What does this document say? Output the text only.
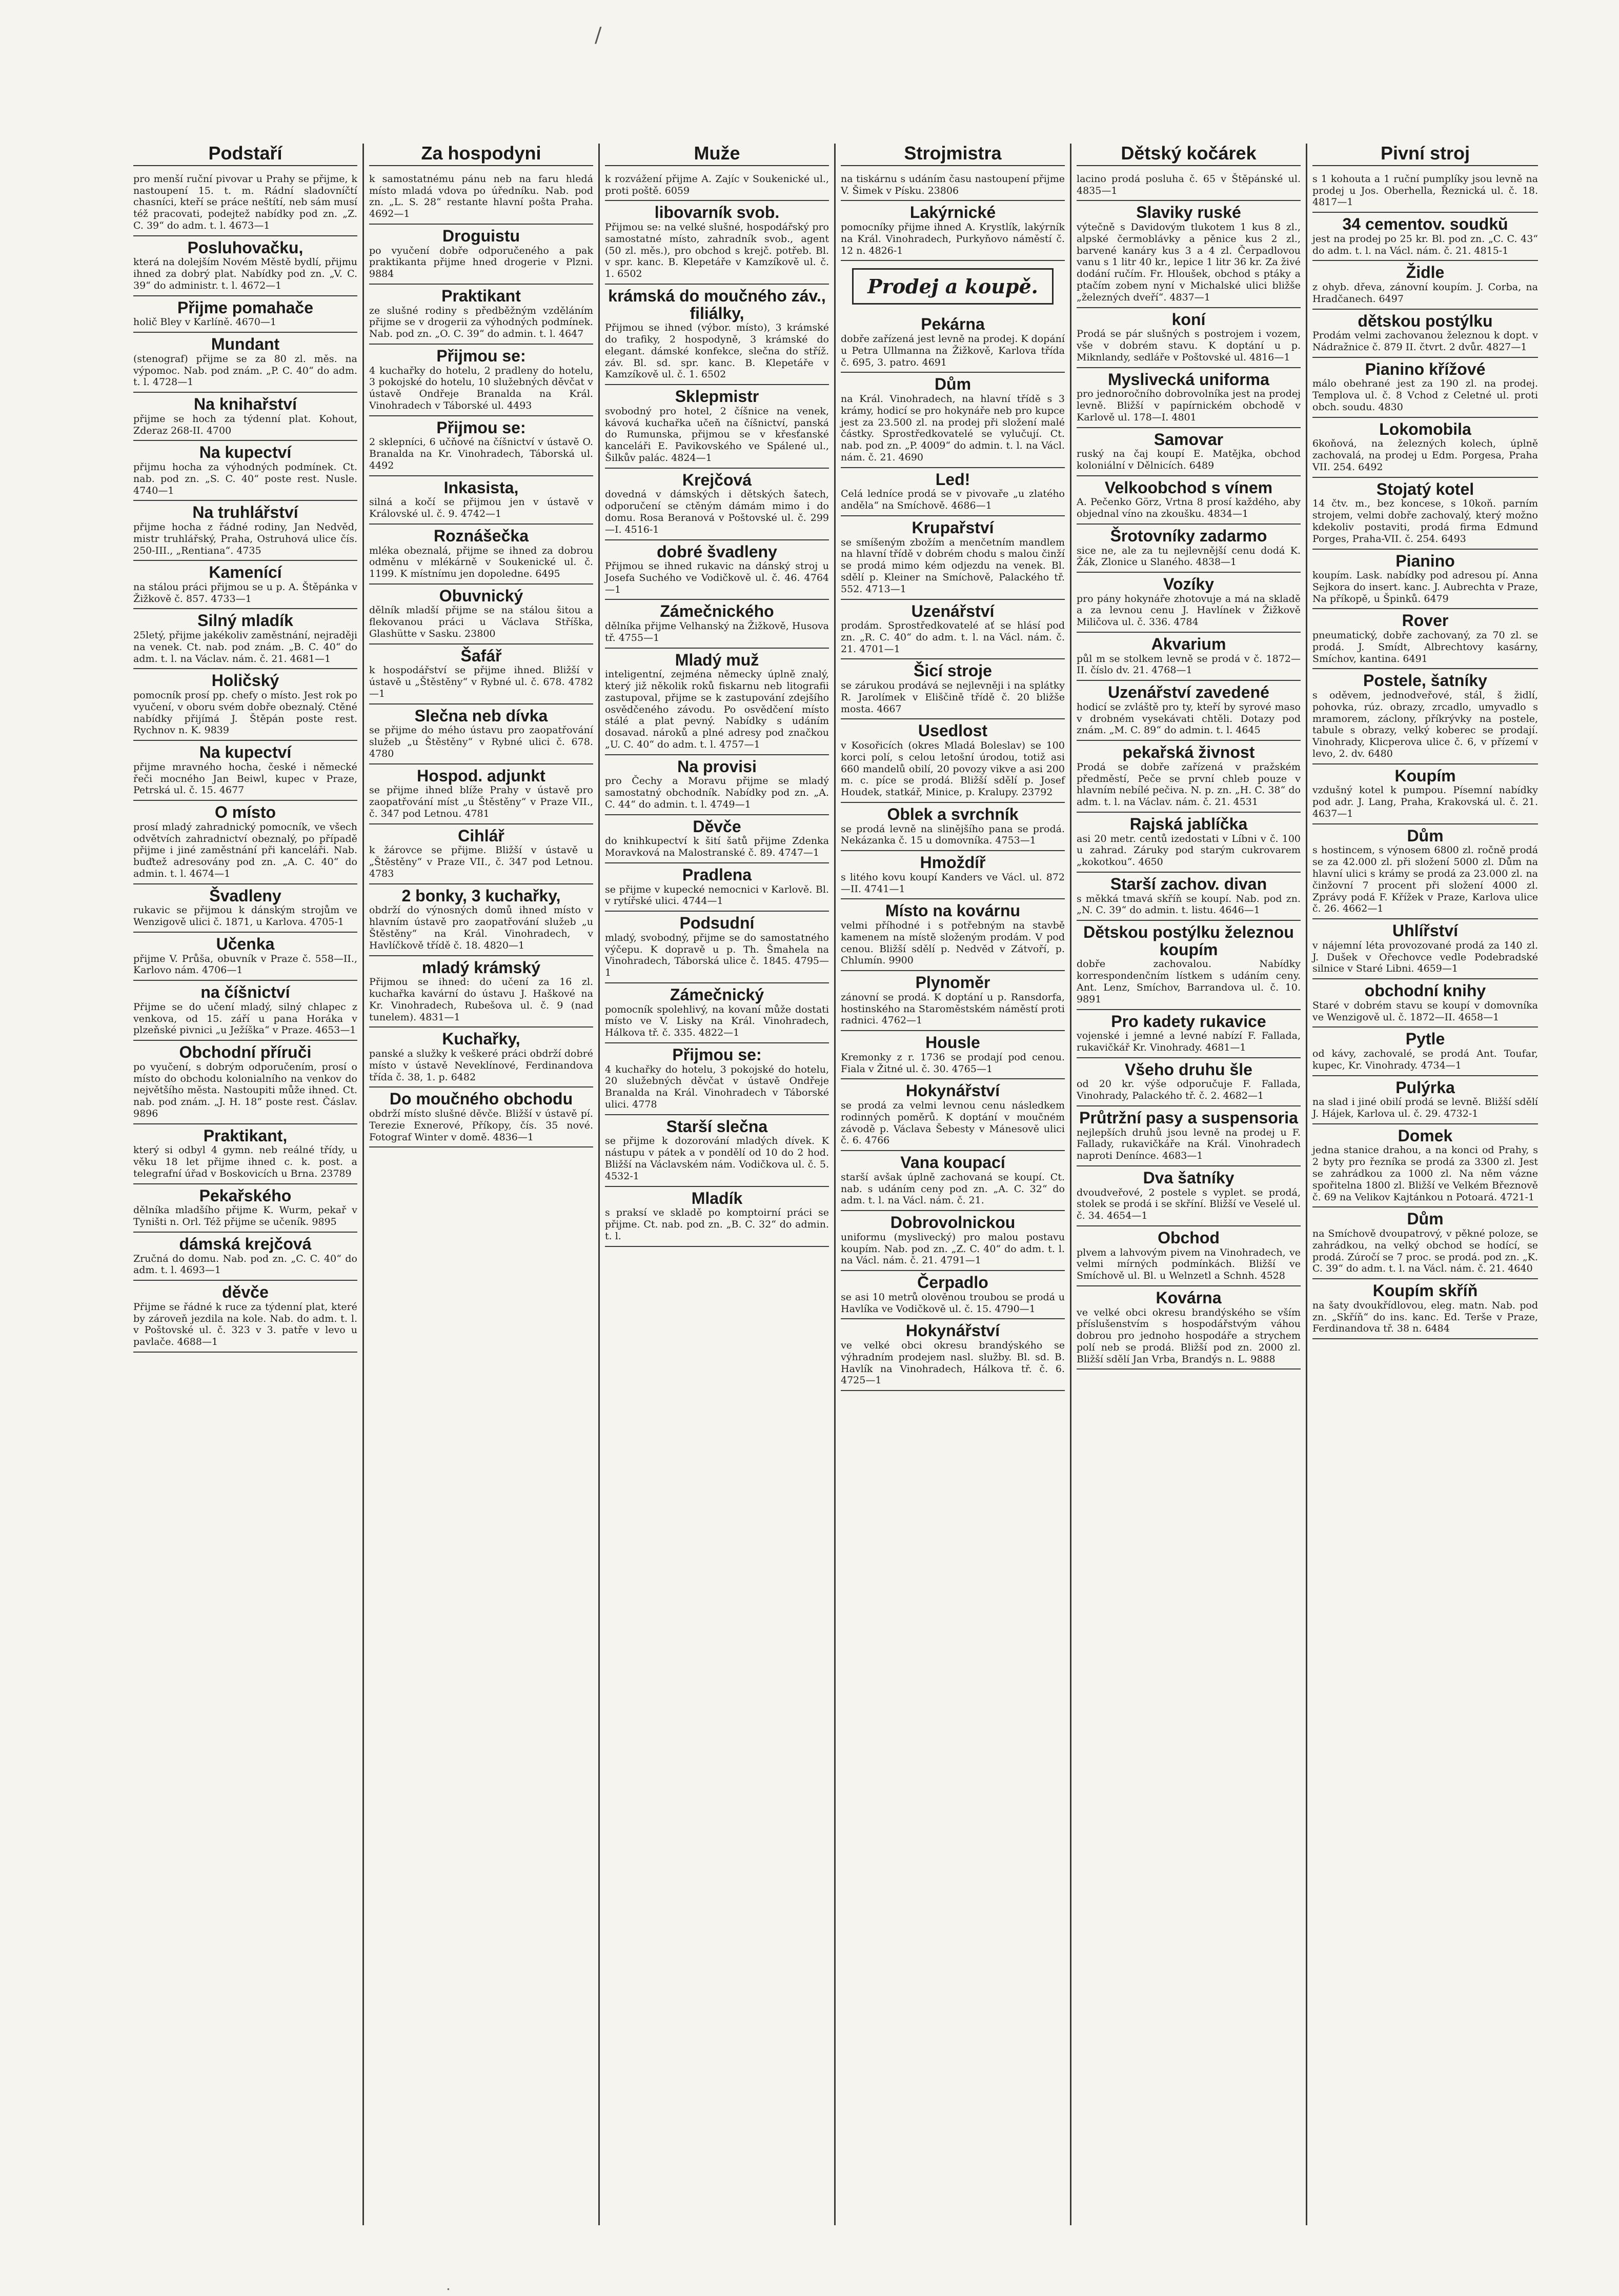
/
Podstaří
pro menší ruční pivovar u Prahy se přijme, k nastoupení 15. t. m. Rádní sladovníčtí chasníci, kteří se práce neštítí, neb sám musí též pracovati, podejtež nabídky pod zn. „Z. C. 39“ do adm. t. l. 4673—1
Posluhovačku,
která na dolejším Novém Městě bydlí, přijmu ihned za dobrý plat. Nabídky pod zn. „V. C. 39“ do administr. t. l. 4672—1
Přijme pomahače
holič Bley v Karlíně. 4670—1
Mundant
(stenograf) přijme se za 80 zl. měs. na výpomoc. Nab. pod znám. „P. C. 40“ do adm. t. l. 4728—1
Na knihařství
přijme se hoch za týdenní plat. Kohout, Zderaz 268-II. 4700
Na kupectví
přijmu hocha za výhodných podmínek. Ct. nab. pod zn. „S. C. 40“ poste rest. Nusle. 4740—1
Na truhlářství
přijme hocha z řádné rodiny, Jan Nedvěd, mistr truhlářský, Praha, Ostruhová ulice čís. 250-III., „Rentiana“. 4735
Kamenící
na stálou práci přijmou se u p. A. Štěpánka v Žižkově č. 857. 4733—1
Silný mladík
25letý, přijme jakékoliv zaměstnání, nejraději na venek. Ct. nab. pod znám. „B. C. 40“ do adm. t. l. na Václav. nám. č. 21. 4681—1
Holičský
pomocník prosí pp. chefy o místo. Jest rok po vyučení, v oboru svém dobře obeznalý. Ctěné nabídky přijímá J. Štěpán poste rest. Rychnov n. K. 9839
Na kupectví
přijme mravného hocha, české i německé řeči mocného Jan Beiwl, kupec v Praze, Petrská ul. č. 15. 4677
O místo
prosí mladý zahradnický pomocník, ve všech odvětvích zahradnictví obeznalý, po případě přijme i jiné zaměstnání při kanceláři. Nab. buďtež adresovány pod zn. „A. C. 40“ do admin. t. l. 4674—1
Švadleny
rukavic se přijmou k dánským strojům ve Wenzigově ulici č. 1871, u Karlova. 4705-1
Učenka
přijme V. Průša, obuvník v Praze č. 558—II., Karlovo nám. 4706—1
na číšnictví
Přijme se do učení mladý, silný chlapec z venkova, od 15. září u pana Horáka v plzeňské pivnici „u Ježíška“ v Praze. 4653—1
Obchodní příruči
po vyučení, s dobrým odporučením, prosí o místo do obchodu kolonialního na venkov do největšího města. Nastoupiti může ihned. Ct. nab. pod znám. „J. H. 18“ poste rest. Čáslav. 9896
Praktikant,
který si odbyl 4 gymn. neb reálné třídy, u věku 18 let přijme ihned c. k. post. a telegrafní úřad v Boskovicích u Brna. 23789
Pekařského
dělníka mladšího přijme K. Wurm, pekař v Tyništi n. Orl. Též přijme se učeník. 9895
dámská krejčová
Zručná do domu. Nab. pod zn. „C. C. 40“ do adm. t. l. 4693—1
děvče
Přijme se řádné k ruce za týdenní plat, které by zároveň jezdila na kole. Nab. do adm. t. l. v Poštovské ul. č. 323 v 3. patře v levo u pavlače. 4688—1
Za hospodyni
k samostatnému pánu neb na faru hledá místo mladá vdova po úředníku. Nab. pod zn. „L. S. 28“ restante hlavní pošta Praha. 4692—1
Droguistu
po vyučení dobře odporučeného a pak praktikanta přijme hned drogerie v Plzni. 9884
Praktikant
ze slušné rodiny s předběžným vzděláním přijme se v drogerii za výhodných podmínek. Nab. pod zn. „O. C. 39“ do admin. t. l. 4647
Přijmou se:
4 kuchařky do hotelu, 2 pradleny do hotelu, 3 pokojské do hotelu, 10 služebných děvčat v ústavě Ondřeje Branalda na Král. Vinohradech v Táborské ul. 4493
Přijmou se:
2 sklepníci, 6 učňové na číšnictví v ústavě O. Branalda na Kr. Vinohradech, Táborská ul. 4492
Inkasista,
silná a kočí se přijmou jen v ústavě v Královské ul. č. 9. 4742—1
Roznášečka
mléka obeznalá, přijme se ihned za dobrou odměnu v mlékárně v Soukenické ul. č. 1199. K místnímu jen dopoledne. 6495
Obuvnický
dělník mladší přijme se na stálou šitou a flekovanou práci u Václava Stříška, Glashütte v Sasku. 23800
Šafář
k hospodářství se přijme ihned. Bližší v ústavě u „Štěstěny“ v Rybné ul. č. 678. 4782—1
Slečna neb dívka
se přijme do mého ústavu pro zaopatřování služeb „u Štěstěny“ v Rybné ulici č. 678. 4780
Hospod. adjunkt
se přijme ihned blíže Prahy v ústavě pro zaopatřování míst „u Štěstěny“ v Praze VII., č. 347 pod Letnou. 4781
Cihlář
k žárovce se přijme. Bližší v ústavě u „Štěstěny“ v Praze VII., č. 347 pod Letnou. 4783
2 bonky, 3 kuchařky,
obdrží do výnosných domů ihned místo v hlavním ústavě pro zaopatřování služeb „u Štěstěny“ na Král. Vinohradech, v Havlíčkově třídě č. 18. 4820—1
mladý krámský
Přijmou se ihned: do učení za 16 zl. kuchařka kavární do ústavu J. Haškové na Kr. Vinohradech, Rubešova ul. č. 9 (nad tunelem). 4831—1
Kuchařky,
panské a služky k veškeré práci obdrží dobré místo v ústavě Neveklínové, Ferdinandova třída č. 38, 1. p. 6482
Do moučného obchodu
obdrží místo slušné děvče. Bližší v ústavě pí. Terezie Exnerové, Příkopy, čís. 35 nové. Fotograf Winter v domě. 4836—1
Muže
k rozvážení přijme A. Zajíc v Soukenické ul., proti poště. 6059
libovarník svob.
Přijmou se: na velké slušné, hospodářský pro samostatné místo, zahradník svob., agent (50 zl. měs.), pro obchod s krejč. potřeb. Bl. v spr. kanc. B. Klepetáře v Kamzíkově ul. č. 1. 6502
krámská do moučného záv., filiálky,
Přijmou se ihned (výbor. místo), 3 krámské do trafiky, 2 hospodyně, 3 krámské do elegant. dámské konfekce, slečna do stříž. záv. Bl. sd. spr. kanc. B. Klepetáře v Kamzíkově ul. č. 1. 6502
Sklepmistr
svobodný pro hotel, 2 číšnice na venek, kávová kuchařka učeň na číšnictví, panská do Rumunska, přijmou se v křesťanské kanceláři E. Pavikovského ve Spálené ul., Šilkův palác. 4824—1
Krejčová
dovedná v dámských i dětských šatech, odporučení se ctěným dámám mimo i do domu. Rosa Beranová v Poštovské ul. č. 299—I. 4516-1
dobré švadleny
Přijmou se ihned rukavic na dánský stroj u Josefa Suchého ve Vodičkově ul. č. 46. 4764—1
Zámečnického
dělníka přijme Velhanský na Žižkově, Husova tř. 4755—1
Mladý muž
inteligentní, zejména německy úplně znalý, který již několik roků fiskarnu neb litografii zastupoval, přijme se k zastupování zdejšího osvědčeného závodu. Po osvědčení místo stálé a plat pevný. Nabídky s udáním dosavad. nároků a plné adresy pod značkou „U. C. 40“ do adm. t. l. 4757—1
Na provisi
pro Čechy a Moravu přijme se mladý samostatný obchodník. Nabídky pod zn. „A. C. 44“ do admin. t. l. 4749—1
Děvče
do knihkupectví k šití šatů přijme Zdenka Moravková na Malostranské č. 89. 4747—1
Pradlena
se přijme v kupecké nemocnici v Karlově. Bl. v rytířské ulici. 4744—1
Podsudní
mladý, svobodný, přijme se do samostatného výčepu. K dopravě u p. Th. Šmahela na Vinohradech, Táborská ulice č. 1845. 4795—1
Zámečnický
pomocník spolehlivý, na kovaní může dostati místo ve V. Lisky na Král. Vinohradech, Hálkova tř. č. 335. 4822—1
Přijmou se:
4 kuchařky do hotelu, 3 pokojské do hotelu, 20 služebných děvčat v ústavě Ondřeje Branalda na Král. Vinohradech v Táborské ulici. 4778
Starší slečna
se přijme k dozorování mladých dívek. K nástupu v pátek a v pondělí od 10 do 2 hod. Bližší na Václavském nám. Vodičkova ul. č. 5. 4532-1
Mladík
s praksí ve skladě po komptoirní práci se přijme. Ct. nab. pod zn. „B. C. 32“ do admin. t. l.
Strojmistra
na tiskárnu s udáním času nastoupení přijme V. Šimek v Písku. 23806
Lakýrnické
pomocníky přijme ihned A. Krystlík, lakýrník na Král. Vinohradech, Purkyňovo náměstí č. 12 n. 4826-1
Prodej a koupě.
Pekárna
dobře zařízená jest levně na prodej. K dopání u Petra Ullmanna na Žižkově, Karlova třída č. 695, 3. patro. 4691
Dům
na Král. Vinohradech, na hlavní třídě s 3 krámy, hodicí se pro hokynáře neb pro kupce jest za 23.500 zl. na prodej při složení malé částky. Sprostředkovatelé se vylučují. Ct. nab. pod zn. „P. 4009“ do admin. t. l. na Václ. nám. č. 21. 4690
Led!
Celá ledníce prodá se v pivovaře „u zlatého anděla“ na Smíchově. 4686—1
Krupařství
se smíšeným zbožím a menčetním mandlem na hlavní třídě v dobrém chodu s malou činží se prodá mimo kém odjezdu na venek. Bl. sdělí p. Kleiner na Smíchově, Palackého tř. 552. 4713—1
Uzenářství
prodám. Sprostředkovatelé ať se hlásí pod zn. „R. C. 40“ do adm. t. l. na Václ. nám. č. 21. 4701—1
Šicí stroje
se zárukou prodává se nejlevněji i na splátky R. Jarolímek v Eliščině třídě č. 20 bližše mosta. 4667
Usedlost
v Kosořicích (okres Mladá Boleslav) se 100 korci polí, s celou letošní úrodou, totiž asi 660 mandelů obilí, 20 povozy vikve a asi 200 m. c. píce se prodá. Bližší sdělí p. Josef Houdek, statkář, Minice, p. Kralupy. 23792
Oblek a svrchník
se prodá levně na slinějšího pana se prodá. Nekázanka č. 15 u domovníka. 4753—1
Hmoždíř
s litého kovu koupí Kanders ve Václ. ul. 872—II. 4741—1
Místo na kovárnu
velmi příhodné i s potřebným na stavbě kamenem na místě složeným prodám. V pod cenou. Bližší sdělí p. Nedvěd v Zátvoří, p. Chlumín. 9900
Plynoměr
zánovní se prodá. K doptání u p. Ransdorfa, hostinského na Staroměstském náměstí proti radnici. 4762—1
Housle
Kremonky z r. 1736 se prodají pod cenou. Fiala v Žitné ul. č. 30. 4765—1
Hokynářství
se prodá za velmi levnou cenu následkem rodinných poměrů. K doptání v moučném závodě p. Václava Šebesty v Mánesově ulici č. 6. 4766
Vana koupací
starší avšak úplně zachovaná se koupí. Ct. nab. s udáním ceny pod zn. „A. C. 32“ do adm. t. l. na Václ. nám. č. 21.
Dobrovolnickou
uniformu (myslivecký) pro malou postavu koupím. Nab. pod zn. „Z. C. 40“ do adm. t. l. na Václ. nám. č. 21. 4791—1
Čerpadlo
se asi 10 metrů olověnou troubou se prodá u Havlíka ve Vodičkově ul. č. 15. 4790—1
Hokynářství
ve velké obci okresu brandýského se výhradním prodejem nasl. služby. Bl. sd. B. Havlík na Vinohradech, Hálkova tř. č. 6. 4725—1
Dětský kočárek
lacino prodá posluha č. 65 v Štěpánské ul. 4835—1
Slaviky ruské
výtečně s Davidovým tlukotem 1 kus 8 zl., alpské čermoblávky a pěnice kus 2 zl., barvené kanáry kus 3 a 4 zl. Čerpadlovou vanu s 1 litr 40 kr., lepice 1 litr 36 kr. Za živé dodání ručím. Fr. Hloušek, obchod s ptáky a ptačím zobem nyní v Michalské ulici bližše „železných dveří“. 4837—1
koní
Prodá se pár slušných s postrojem i vozem, vše v dobrém stavu. K doptání u p. Miknlandy, sedláře v Poštovské ul. 4816—1
Myslivecká uniforma
pro jednoročního dobrovolníka jest na prodej levně. Bližší v papírnickém obchodě v Karlově ul. 178—I. 4801
Samovar
ruský na čaj koupí E. Matějka, obchod koloniální v Dělnicích. 6489
Velkoobchod s vínem
A. Pečenko Görz, Vrtna 8 prosí každého, aby objednal víno na zkoušku. 4834—1
Šrotovníky zadarmo
sice ne, ale za tu nejlevnější cenu dodá K. Žák, Zlonice u Slaného. 4838—1
Vozíky
pro pány hokynáře zhotovuje a má na skladě a za levnou cenu J. Havlínek v Žižkově Miličova ul. č. 336. 4784
Akvarium
půl m se stolkem levně se prodá v č. 1872—II. číslo dv. 21. 4768—1
Uzenářství zavedené
hodicí se zvláště pro ty, kteří by syrové maso v drobném vysekávati chtěli. Dotazy pod znám. „M. C. 89“ do admin. t. l. 4645
pekařská živnost
Prodá se dobře zařízená v pražském předměstí, Peče se první chleb pouze v hlavním nebílé pečiva. N. p. zn. „H. C. 38“ do adm. t. l. na Václav. nám. č. 21. 4531
Rajská jablíčka
asi 20 metr. centů izedostati v Líbni v č. 100 u zahrad. Záruky pod starým cukrovarem „kokotkou“. 4650
Starší zachov. divan
s měkká tmavá skříň se koupí. Nab. pod zn. „N. C. 39“ do admin. t. listu. 4646—1
Dětskou postýlku železnou koupím
dobře zachovalou. Nabídky korrespondenčním lístkem s udáním ceny. Ant. Lenz, Smíchov, Barrandova ul. č. 10. 9891
Pro kadety rukavice
vojenské i jemné a levné nabízí F. Fallada, rukavičkář Kr. Vinohrady. 4681—1
Všeho druhu šle
od 20 kr. výše odporučuje F. Fallada, Vinohrady, Palackého tř. č. 2. 4682—1
Průtržní pasy a suspensoria
nejlepších druhů jsou levně na prodej u F. Fallady, rukavičkáře na Král. Vinohradech naproti Denínce. 4683—1
Dva šatníky
dvoudveřové, 2 postele s vyplet. se prodá, stolek se prodá i se skříní. Bližší ve Veselé ul. č. 34. 4654—1
Obchod
plvem a lahvovým pivem na Vinohradech, ve velmi mírných podmínkách. Bližší ve Smíchově ul. Bl. u Welnzetl a Schnh. 4528
Kovárna
ve velké obci okresu brandýského se vším příslušenstvím s hospodářstvým váhou dobrou pro jednoho hospodáře a strychem polí neb se prodá. Bližší pod zn. 2000 zl. Bližší sdělí Jan Vrba, Brandýs n. L. 9888
Pivní stroj
s 1 kohouta a 1 ruční pumplíky jsou levně na prodej u Jos. Oberhella, Řeznická ul. č. 18. 4817—1
34 cementov. soudkŭ
jest na prodej po 25 kr. Bl. pod zn. „C. C. 43“ do adm. t. l. na Václ. nám. č. 21. 4815-1
Židle
z ohyb. dřeva, zánovní koupím. J. Corba, na Hradčanech. 6497
dětskou postýlku
Prodám velmi zachovanou železnou k dopt. v Nádražnice č. 879 II. čtvrt. 2 dvůr. 4827—1
Pianino křížové
málo obehrané jest za 190 zl. na prodej. Templova ul. č. 8 Vchod z Celetné ul. proti obch. soudu. 4830
Lokomobila
6koňová, na železných kolech, úplně zachovalá, na prodej u Edm. Porgesa, Praha VII. 254. 6492
Stojatý kotel
14 čtv. m., bez koncese, s 10koň. parním strojem, velmi dobře zachovalý, který možno kdekoliv postaviti, prodá firma Edmund Porges, Praha-VII. č. 254. 6493
Pianino
koupím. Lask. nabídky pod adresou pí. Anna Sejkora do insert. kanc. J. Aubrechta v Praze, Na příkopě, u Špinků. 6479
Rover
pneumatický, dobře zachovaný, za 70 zl. se prodá. J. Smídt, Albrechtovy kasárny, Smíchov, kantina. 6491
Postele, šatníky
s oděvem, jednodveřové, stál, š židlí, pohovka, rúz. obrazy, zrcadlo, umyvadlo s mramorem, záclony, příkrývky na postele, tabule s obrazy, velký koberec se prodají. Vinohrady, Klicperova ulice č. 6, v přízemí v levo, 2. dv. 6480
Koupím
vzdušný kotel k pumpou. Písemní nabídky pod adr. J. Lang, Praha, Krakovská ul. č. 21. 4637—1
Dům
s hostincem, s výnosem 6800 zl. ročně prodá se za 42.000 zl. při složení 5000 zl. Dům na hlavní ulici s krámy se prodá za 23.000 zl. na činžovní 7 procent při složení 4000 zl. Zprávy podá F. Křížek v Praze, Karlova ulice č. 26. 4662—1
Uhlířství
v nájemní létа provozované prodá za 140 zl. J. Dušek v Ořechovce vedle Podebradské silnice v Staré Libni. 4659—1
obchodní knihy
Staré v dobrém stavu se koupí v domovníka ve Wenzigově ul. č. 1872—II. 4658—1
Pytle
od kávy, zachovalé, se prodá Ant. Toufar, kupec, Kr. Vinohrady. 4734—1
Pulýrka
na slad i jiné obilí prodá se levně. Bližší sdělí J. Hájek, Karlova ul. č. 29. 4732-1
Domek
jedna stanice drahou, a na konci od Prahy, s 2 byty pro řezníka se prodá za 3300 zl. Jest se zahrádkou za 1000 zl. Na něm váznе spořitelna 1800 zl. Bližší ve Velkém Březnově č. 69 na Velikov Kajtánkou n Potoará. 4721-1
Dům
na Smíchově dvoupatrový, v pěkné poloze, se zahrádkou, na velký obchod se hodící, se prodá. Zúročí se 7 proc. se prodá. pod zn. „K. C. 39“ do adm. t. l. na Václ. nám. č. 21. 4640
Koupím skříň
na šaty dvoukřídlovou, eleg. matn. Nab. pod zn. „Skříň“ do ins. kanc. Ed. Terše v Praze, Ferdinandova tř. 38 n. 6484
.
